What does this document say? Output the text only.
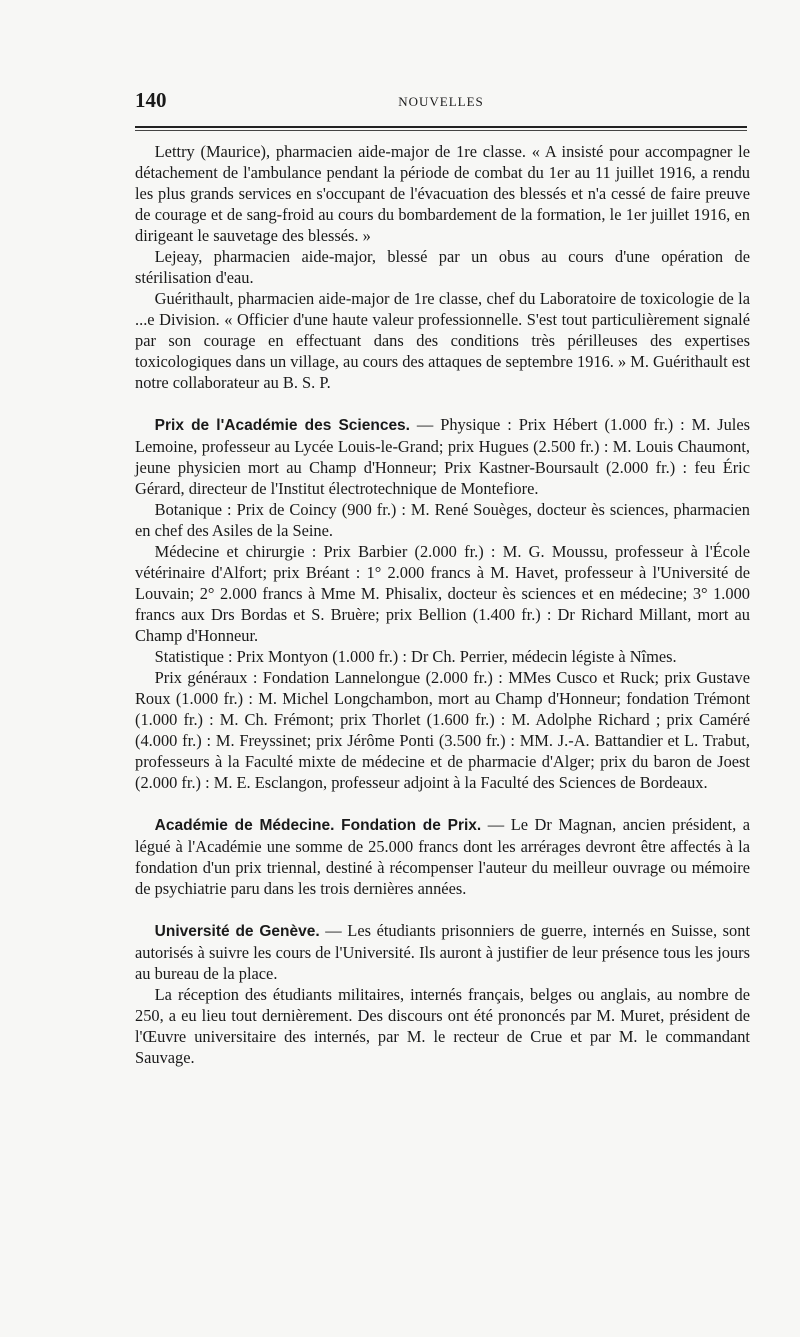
140	NOUVELLES

Lettry (Maurice), pharmacien aide-major de 1re classe. « A insisté pour accompagner le détachement de l'ambulance pendant la période de combat du 1er au 11 juillet 1916, a rendu les plus grands services en s'occupant de l'évacuation des blessés et n'a cessé de faire preuve de courage et de sang-froid au cours du bombardement de la formation, le 1er juillet 1916, en dirigeant le sauvetage des blessés. »

Lejeay, pharmacien aide-major, blessé par un obus au cours d'une opération de stérilisation d'eau.

Guérithault, pharmacien aide-major de 1re classe, chef du Laboratoire de toxicologie de la ...e Division. « Officier d'une haute valeur professionnelle. S'est tout particulièrement signalé par son courage en effectuant dans des conditions très périlleuses des expertises toxicologiques dans un village, au cours des attaques de septembre 1916. » M. Guérithault est notre collaborateur au B. S. P.

Prix de l'Académie des Sciences. — Physique : Prix Hébert (1.000 fr.) : M. Jules Lemoine, professeur au Lycée Louis-le-Grand; prix Hugues (2.500 fr.) : M. Louis Chaumont, jeune physicien mort au Champ d'Honneur; Prix Kastner-Boursault (2.000 fr.) : feu Éric Gérard, directeur de l'Institut électrotechnique de Montefiore.

Botanique : Prix de Coincy (900 fr.) : M. René Souèges, docteur ès sciences, pharmacien en chef des Asiles de la Seine.

Médecine et chirurgie : Prix Barbier (2.000 fr.) : M. G. Moussu, professeur à l'École vétérinaire d'Alfort; prix Bréant : 1° 2.000 francs à M. Havet, professeur à l'Université de Louvain; 2° 2.000 francs à Mme M. Phisalix, docteur ès sciences et en médecine; 3° 1.000 francs aux Drs Bordas et S. Bruère; prix Bellion (1.400 fr.) : Dr Richard Millant, mort au Champ d'Honneur.

Statistique : Prix Montyon (1.000 fr.) : Dr Ch. Perrier, médecin légiste à Nîmes.

Prix généraux : Fondation Lannelongue (2.000 fr.) : MMes Cusco et Ruck; prix Gustave Roux (1.000 fr.) : M. Michel Longchambon, mort au Champ d'Honneur; fondation Trémont (1.000 fr.) : M. Ch. Frémont; prix Thorlet (1.600 fr.) : M. Adolphe Richard ; prix Caméré (4.000 fr.) : M. Freyssinet; prix Jérôme Ponti (3.500 fr.) : MM. J.-A. Battandier et L. Trabut, professeurs à la Faculté mixte de médecine et de pharmacie d'Alger; prix du baron de Joest (2.000 fr.) : M. E. Esclangon, professeur adjoint à la Faculté des Sciences de Bordeaux.

Académie de Médecine. Fondation de Prix. — Le Dr Magnan, ancien président, a légué à l'Académie une somme de 25.000 francs dont les arrérages devront être affectés à la fondation d'un prix triennal, destiné à récompenser l'auteur du meilleur ouvrage ou mémoire de psychiatrie paru dans les trois dernières années.

Université de Genève. — Les étudiants prisonniers de guerre, internés en Suisse, sont autorisés à suivre les cours de l'Université. Ils auront à justifier de leur présence tous les jours au bureau de la place.

La réception des étudiants militaires, internés français, belges ou anglais, au nombre de 250, a eu lieu tout dernièrement. Des discours ont été prononcés par M. Muret, président de l'Œuvre universitaire des internés, par M. le recteur de Crue et par M. le commandant Sauvage.
